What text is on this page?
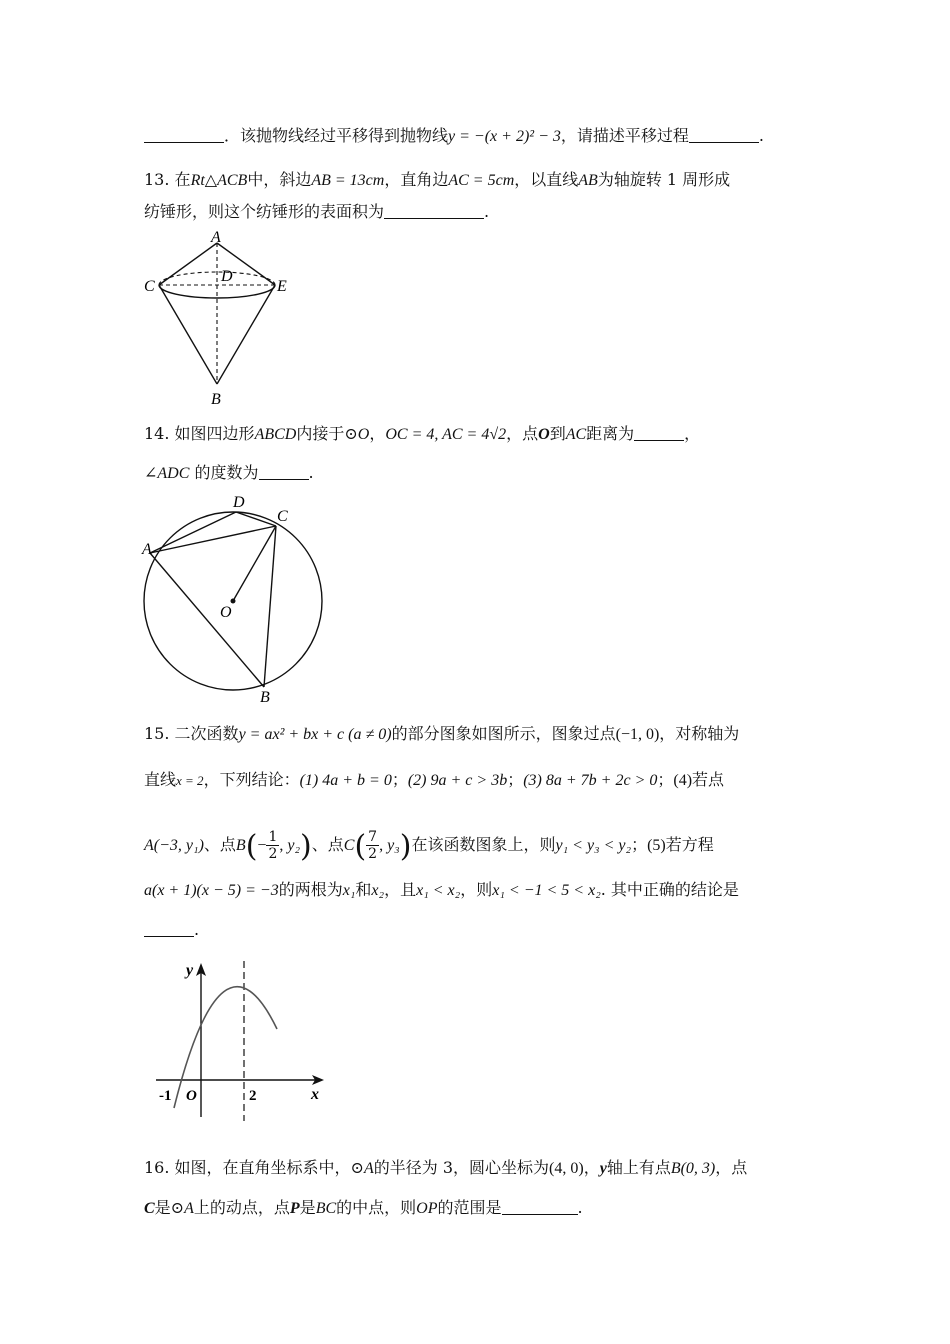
．该抛物线经过平移得到抛物线y = −(x + 2)² − 3，请描述平移过程	.
13. 在Rt△ACB中，斜边AB = 13cm，直角边AC = 5cm，以直线AB为轴旋转 1 周形成
纺锤形，则这个纺锤形的表面积为	.
A
C
D
E
B
14. 如图四边形ABCD内接于⊙O，OC = 4, AC = 4√2，点O到AC距离为	，
∠ADC 的度数为	.
D
C
A
O
B
15. 二次函数y = ax² + bx + c (a ≠ 0)的部分图象如图所示，图象过点(−1, 0)，对称轴为
直线x = 2，下列结论：(1) 4a + b = 0；(2) 9a + c > 3b；(3) 8a + 7b + 2c > 0；(4)若点
A(−3, y₁)、点$B(- \frac{1}{2}$ , y₂)、点$C( \frac{7}{2}$ , y₃)在该函数图象上，则y₁ < y₃ < y₂；(5)若方程
a(x + 1)(x − 5) = −3的两根为x₁和x₂，且x₁ < x₂，则x₁ < −1 < 5 < x₂. 其中正确的结论是
.
y
x
O
-1	2
16. 如图，在直角坐标系中，⊙A的半径为 3，圆心坐标为(4, 0)，y轴上有点B(0, 3)，点
C是⊙A上的动点，点P是BC的中点，则OP的范围是	.
